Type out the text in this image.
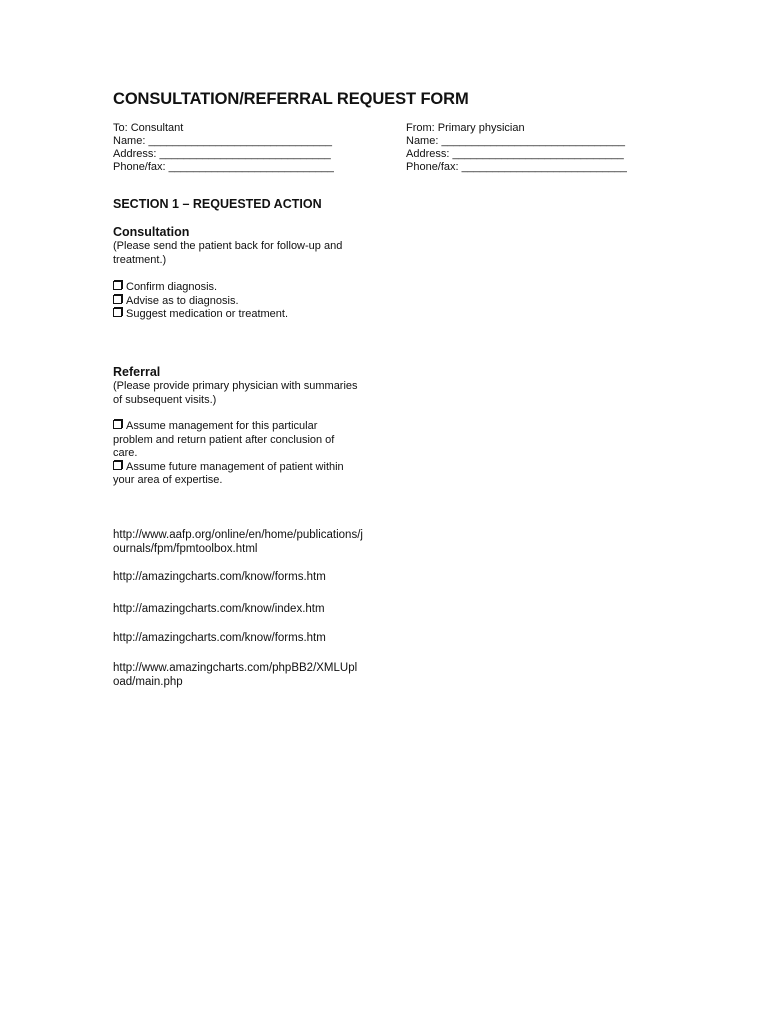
CONSULTATION/REFERRAL REQUEST FORM
To: Consultant
Name: ______________________________
Address: ____________________________
Phone/fax: ___________________________
From: Primary physician
Name: ______________________________
Address: ____________________________
Phone/fax: ___________________________
SECTION 1 – REQUESTED ACTION
Consultation
(Please send the patient back for follow-up and treatment.)
Confirm diagnosis.
Advise as to diagnosis.
Suggest medication or treatment.
Referral
(Please provide primary physician with summaries of subsequent visits.)
Assume management for this particular problem and return patient after conclusion of care.
Assume future management of patient within your area of expertise.
http://www.aafp.org/online/en/home/publications/journals/fpm/fpmtoolbox.html
http://amazingcharts.com/know/forms.htm
http://amazingcharts.com/know/index.htm
http://amazingcharts.com/know/forms.htm
http://www.amazingcharts.com/phpBB2/XMLUpload/main.php
